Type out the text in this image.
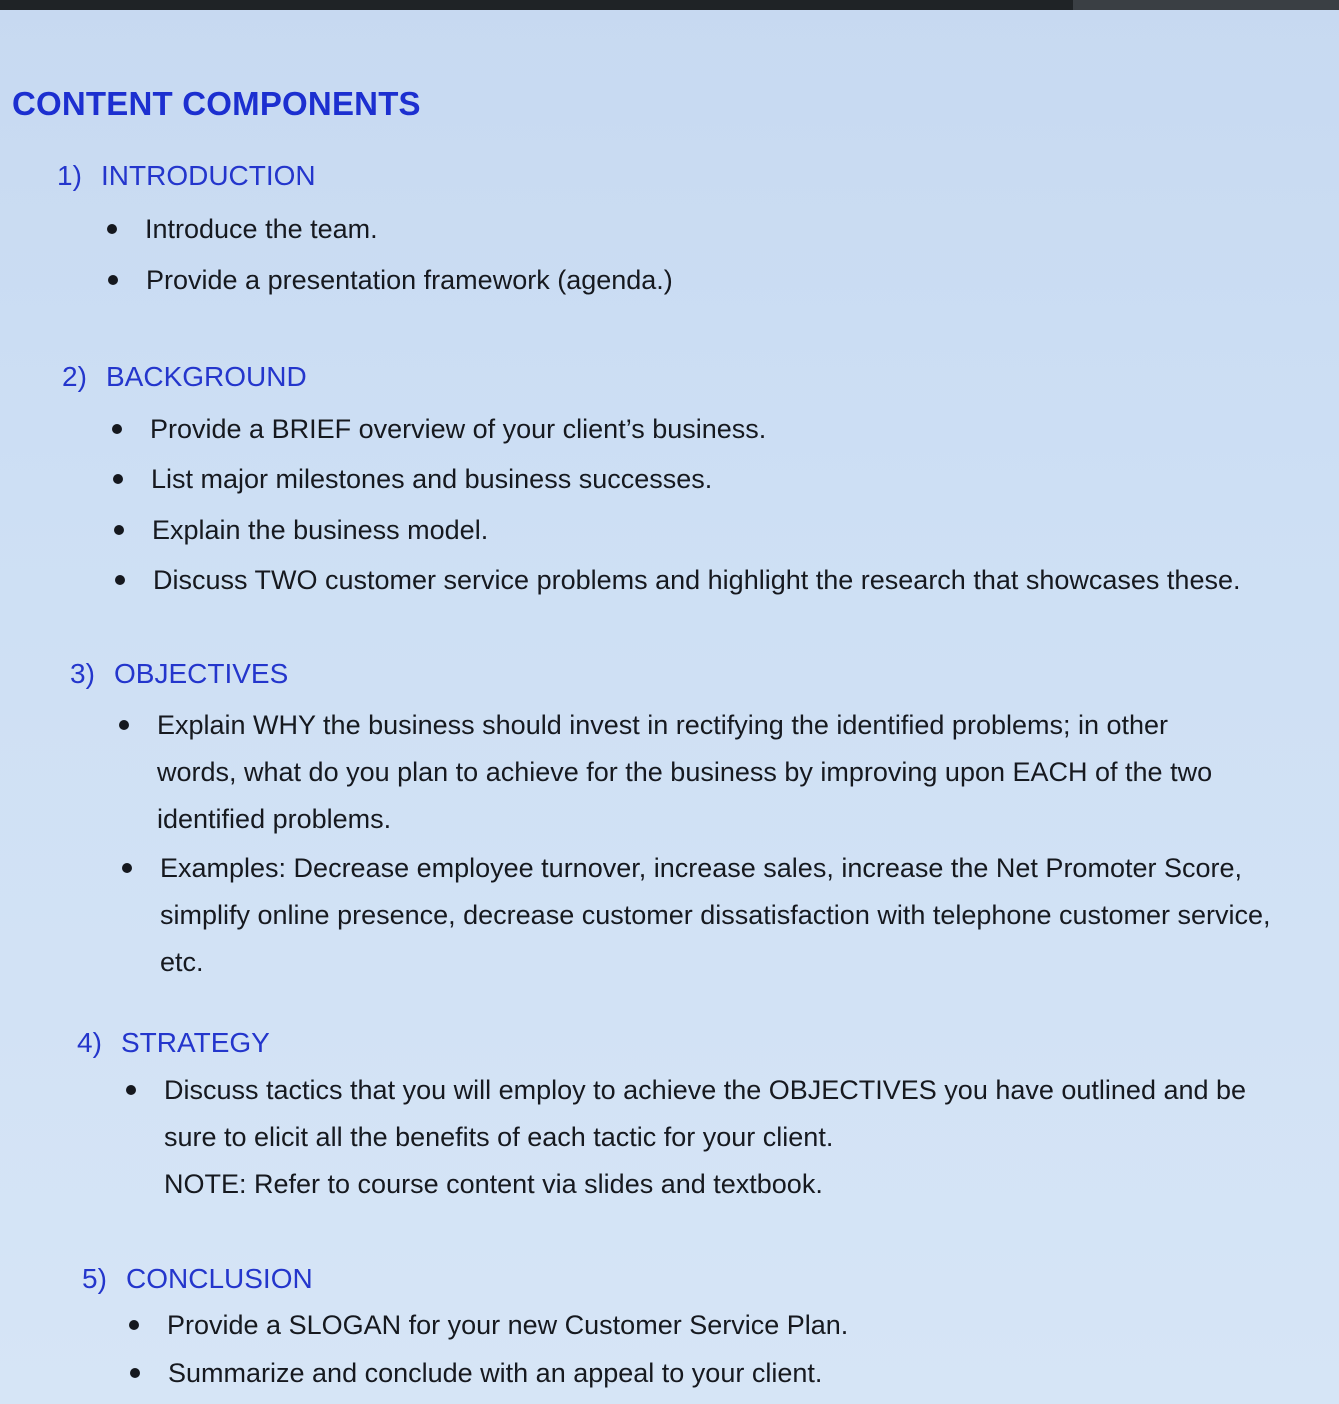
CONTENT COMPONENTS
1) INTRODUCTION
Introduce the team.
Provide a presentation framework (agenda.)
2) BACKGROUND
Provide a BRIEF overview of your client’s business.
List major milestones and business successes.
Explain the business model.
Discuss TWO customer service problems and highlight the research that showcases these.
3) OBJECTIVES
Explain WHY the business should invest in rectifying the identified problems; in other
words, what do you plan to achieve for the business by improving upon EACH of the two
identified problems.
Examples: Decrease employee turnover, increase sales, increase the Net Promoter Score,
simplify online presence, decrease customer dissatisfaction with telephone customer service,
etc.
4) STRATEGY
Discuss tactics that you will employ to achieve the OBJECTIVES you have outlined and be
sure to elicit all the benefits of each tactic for your client.
NOTE: Refer to course content via slides and textbook.
5) CONCLUSION
Provide a SLOGAN for your new Customer Service Plan.
Summarize and conclude with an appeal to your client.
